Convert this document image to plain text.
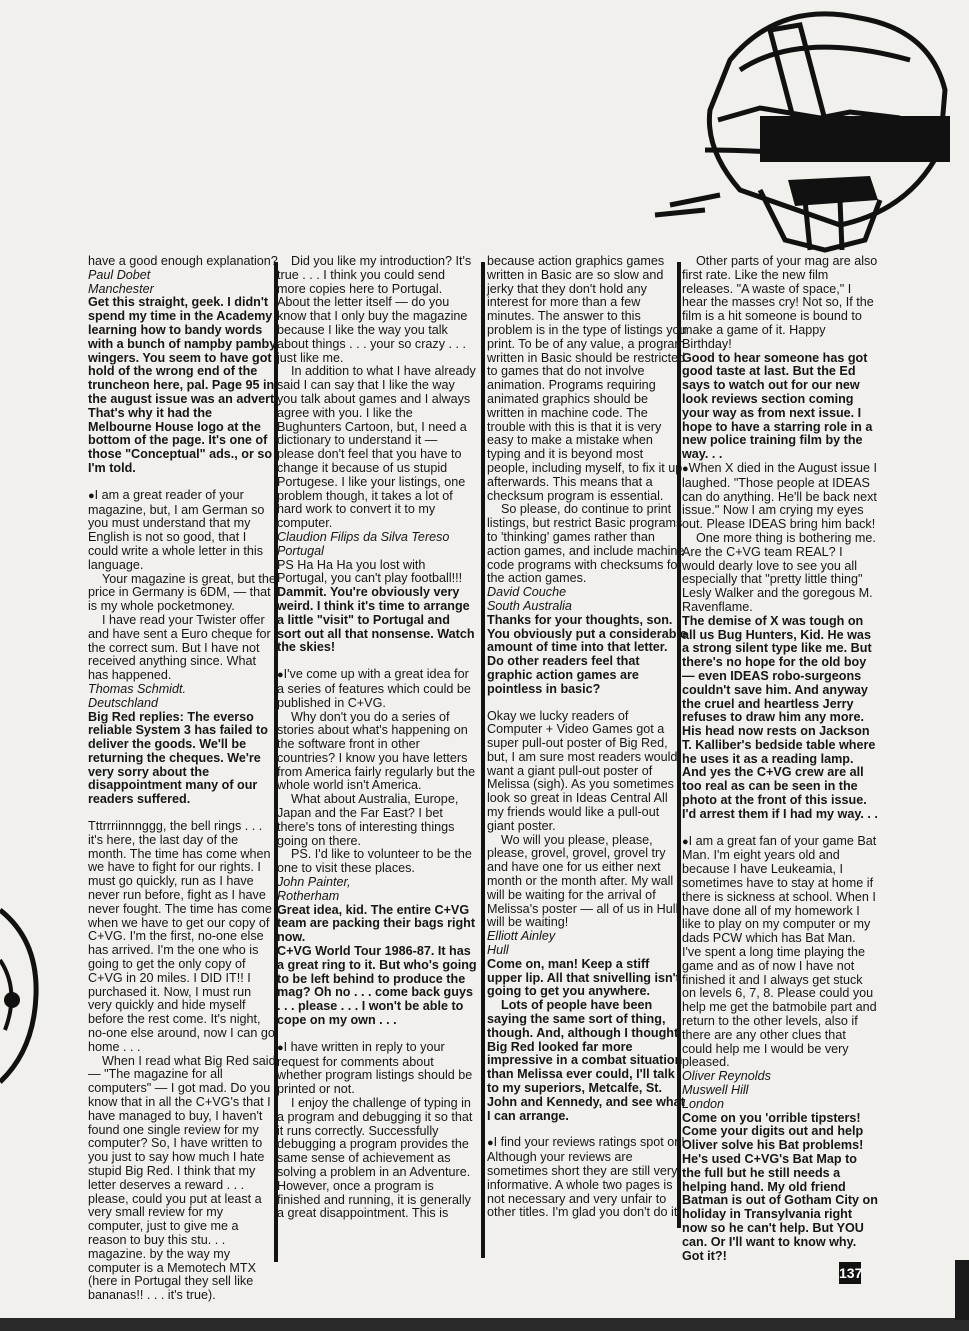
have a good enough explanation?

Paul Dobet

Manchester

Get this straight, geek. I didn't spend my time in the Academy learning how to bandy words with a bunch of nampby pamby wingers. You seem to have got hold of the wrong end of the truncheon here, pal. Page 95 in the august issue was an advert. That's why it had the Melbourne House logo at the bottom of the page. It's one of those "Conceptual" ads., or so I'm told.

● I am a great reader of your magazine, but, I am German so you must understand that my English is not so good, that I could write a whole letter in this language.

Your magazine is great, but the price in Germany is 6DM, — that is my whole pocketmoney.

I have read your Twister offer and have sent a Euro cheque for the correct sum. But I have not received anything since. What has happened.

Thomas Schmidt.

Deutschland

Big Red replies: The everso reliable System 3 has failed to deliver the goods. We'll be returning the cheques. We're very sorry about the disappointment many of our readers suffered.

Tttrrriinnnggg, the bell rings . . . it's here, the last day of the month. The time has come when we have to fight for our rights. I must go quickly, run as I have never run before, fight as I have never fought. The time has come when we have to get our copy of C+VG. I'm the first, no-one else has arrived. I'm the one who is going to get the only copy of C+VG in 20 miles. I DID IT!! I purchased it. Now, I must run very quickly and hide myself before the rest come. It's night, no-one else around, now I can go home . . .

When I read what Big Red said — "The magazine for all computers" — I got mad. Do you know that in all the C+VG's that I have managed to buy, I haven't found one single review for my computer? So, I have written to you just to say how much I hate stupid Big Red. I think that my letter deserves a reward . . . please, could you put at least a very small review for my computer, just to give me a reason to buy this stu. . . magazine. by the way my computer is a Memotech MTX (here in Portugal they sell like bananas!! . . . it's true).

Did you like my introduction? It's true . . . I think you could send more copies here to Portugal. About the letter itself — do you know that I only buy the magazine because I like the way you talk about things . . . your so crazy . . . just like me.

In addition to what I have already said I can say that I like the way you talk about games and I always agree with you. I like the Bughunters Cartoon, but, I need a dictionary to understand it — please don't feel that you have to change it because of us stupid Portugese. I like your listings, one problem though, it takes a lot of hard work to convert it to my computer.

Claudion Filips da Silva Tereso

Portugal

PS Ha Ha Ha you lost with Portugal, you can't play football!!!

Dammit. You're obviously very weird. I think it's time to arrange a little "visit" to Portugal and sort out all that nonsense. Watch the skies!

● I've come up with a great idea for a series of features which could be published in C+VG.

Why don't you do a series of stories about what's happening on the software front in other countries? I know you have letters from America fairly regularly but the whole world isn't America.

What about Australia, Europe, Japan and the Far East? I bet there's tons of interesting things going on there.

PS. I'd like to volunteer to be the one to visit these places.

John Painter,

Rotherham

Great idea, kid. The entire C+VG team are packing their bags right now.

C+VG World Tour 1986-87. It has a great ring to it. But who's going to be left behind to produce the mag? Oh no . . . come back guys . . . please . . . I won't be able to cope on my own . . .

● I have written in reply to your request for comments about whether program listings should be printed or not.

I enjoy the challenge of typing in a program and debugging it so that it runs correctly. Successfully debugging a program provides the same sense of achievement as solving a problem in an Adventure. However, once a program is finished and running, it is generally a great disappointment. This is

because action graphics games written in Basic are so slow and jerky that they don't hold any interest for more than a few minutes. The answer to this problem is in the type of listings you print. To be of any value, a program written in Basic should be restricted to games that do not involve animation. Programs requiring animated graphics should be written in machine code. The trouble with this is that it is very easy to make a mistake when typing and it is beyond most people, including myself, to fix it up afterwards. This means that a checksum program is essential.

So please, do continue to print listings, but restrict Basic programs to 'thinking' games rather than action games, and include machine code programs with checksums for the action games.

David Couche

South Australia

Thanks for your thoughts, son. You obviously put a considerable amount of time into that letter. Do other readers feel that graphic action games are pointless in basic?

Okay we lucky readers of Computer + Video Games got a super pull-out poster of Big Red, but, I am sure most readers would want a giant pull-out poster of Melissa (sigh). As you sometimes look so great in Ideas Central All my friends would like a pull-out giant poster.

Wo will you please, please, please, grovel, grovel, grovel try and have one for us either next month or the month after. My wall will be waiting for the arrival of Melissa's poster — all of us in Hull will be waiting!

Elliott Ainley

Hull

Come on, man! Keep a stiff upper lip. All that snivelling isn't going to get you anywhere.

Lots of people have been saying the same sort of thing, though. And, although I thought Big Red looked far more impressive in a combat situation than Melissa ever could, I'll talk to my superiors, Metcalfe, St. John and Kennedy, and see what I can arrange.

● I find your reviews ratings spot on! Although your reviews are sometimes short they are still very informative. A whole two pages is not necessary and very unfair to other titles. I'm glad you don't do it.

Other parts of your mag are also first rate. Like the new film releases. "A waste of space," I hear the masses cry! Not so, If the film is a hit someone is bound to make a game of it. Happy Birthday!

Good to hear someone has got good taste at last. But the Ed says to watch out for our new look reviews section coming your way as from next issue. I hope to have a starring role in a new police training film by the way. . .

● When X died in the August issue I laughed. "Those people at IDEAS can do anything. He'll be back next issue." Now I am crying my eyes out. Please IDEAS bring him back!

One more thing is bothering me. Are the C+VG team REAL? I would dearly love to see you all especially that "pretty little thing" Lesly Walker and the goregous M. Ravenflame.

The demise of X was tough on all us Bug Hunters, Kid. He was a strong silent type like me. But there's no hope for the old boy — even IDEAS robo-surgeons couldn't save him. And anyway the cruel and heartless Jerry refuses to draw him any more. His head now rests on Jackson T. Kalliber's bedside table where he uses it as a reading lamp. And yes the C+VG crew are all too real as can be seen in the photo at the front of this issue. I'd arrest them if I had my way. . .

● I am a great fan of your game Bat Man. I'm eight years old and because I have Leukeamia, I sometimes have to stay at home if there is sickness at school. When I have done all of my homework I like to play on my computer or my dads PCW which has Bat Man. I've spent a long time playing the game and as of now I have not finished it and I always get stuck on levels 6, 7, 8. Please could you help me get the batmobile part and return to the other levels, also if there are any other clues that could help me I would be very pleased.

Oliver Reynolds

Muswell Hill

London

Come on you 'orrible tipsters! Come your digits out and help Oliver solve his Bat problems! He's used C+VG's Bat Map to the full but he still needs a helping hand. My old friend Batman is out of Gotham City on holiday in Transylvania right now so he can't help. But YOU can. Or I'll want to know why. Got it?!

137
